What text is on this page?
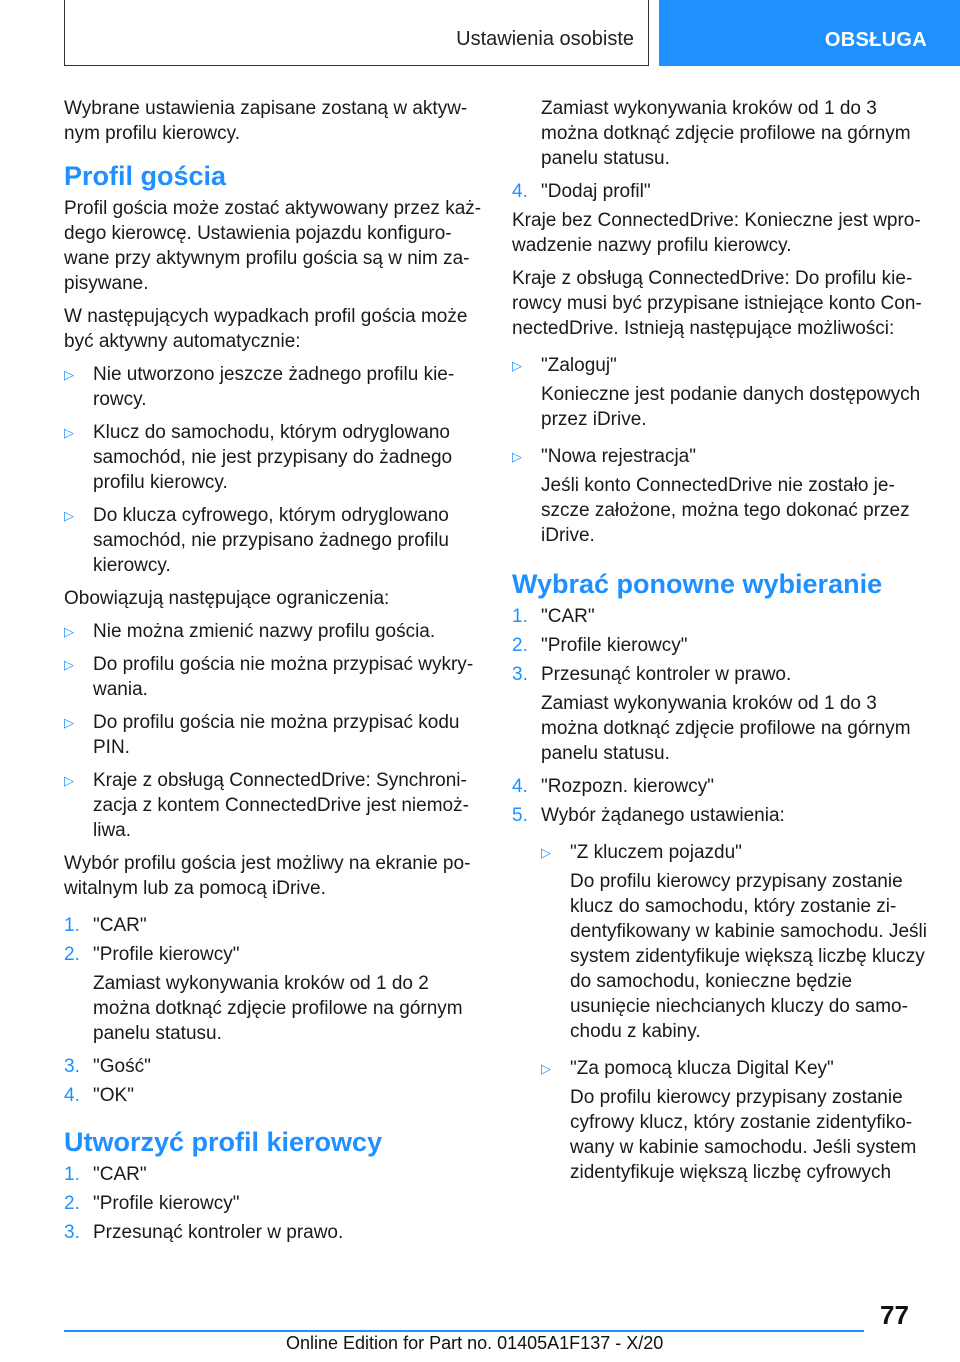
Ustawienia osobiste	OBSŁUGA
Wybrane ustawienia zapisane zostaną w aktywnym profilu kierowcy.
Profil gościa
Profil gościa może zostać aktywowany przez każdego kierowcę. Ustawienia pojazdu konfigurowane przy aktywnym profilu gościa są w nim zapisywane.
W następujących wypadkach profil gościa może być aktywny automatycznie:
▷	Nie utworzono jeszcze żadnego profilu kierowcy.
▷	Klucz do samochodu, którym odryglowano samochód, nie jest przypisany do żadnego profilu kierowcy.
▷	Do klucza cyfrowego, którym odryglowano samochód, nie przypisano żadnego profilu kierowcy.
Obowiązują następujące ograniczenia:
▷	Nie można zmienić nazwy profilu gościa.
▷	Do profilu gościa nie można przypisać wykrywania.
▷	Do profilu gościa nie można przypisać kodu PIN.
▷	Kraje z obsługą ConnectedDrive: Synchronizacja z kontem ConnectedDrive jest niemożliwa.
Wybór profilu gościa jest możliwy na ekranie powitalnym lub za pomocą iDrive.
1. "CAR"
2. "Profile kierowcy"
Zamiast wykonywania kroków od 1 do 2 można dotknąć zdjęcie profilowe na górnym panelu statusu.
3. "Gość"
4. "OK"
Utworzyć profil kierowcy
1. "CAR"
2. "Profile kierowcy"
3. Przesunąć kontroler w prawo.
Zamiast wykonywania kroków od 1 do 3 można dotknąć zdjęcie profilowe na górnym panelu statusu.
4. "Dodaj profil"
Kraje bez ConnectedDrive: Konieczne jest wprowadzenie nazwy profilu kierowcy.
Kraje z obsługą ConnectedDrive: Do profilu kierowcy musi być przypisane istniejące konto ConnectedDrive. Istnieją następujące możliwości:
▷	"Zaloguj"
Konieczne jest podanie danych dostępowych przez iDrive.
▷	"Nowa rejestracja"
Jeśli konto ConnectedDrive nie zostało jeszcze założone, można tego dokonać przez iDrive.
Wybrać ponowne wybieranie
1. "CAR"
2. "Profile kierowcy"
3. Przesunąć kontroler w prawo.
Zamiast wykonywania kroków od 1 do 3 można dotknąć zdjęcie profilowe na górnym panelu statusu.
4. "Rozpozn. kierowcy"
5. Wybór żądanego ustawienia:
▷ "Z kluczem pojazdu"
Do profilu kierowcy przypisany zostanie klucz do samochodu, który zostanie zidentyfikowany w kabinie samochodu. Jeśli system zidentyfikuje większą liczbę kluczy do samochodu, konieczne będzie usunięcie niechcianych kluczy do samochodu z kabiny.
▷ "Za pomocą klucza Digital Key"
Do profilu kierowcy przypisany zostanie cyfrowy klucz, który zostanie zidentyfikowany w kabinie samochodu. Jeśli system zidentyfikuje większą liczbę cyfrowych
77
Online Edition for Part no. 01405A1F137 - X/20
